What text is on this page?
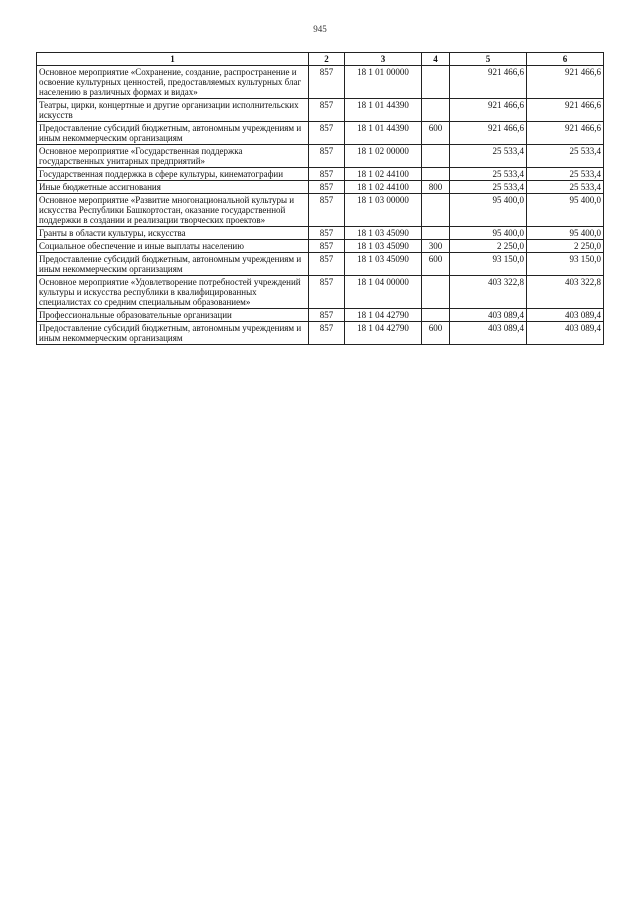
945
1	2	3	4	5	6
Основное мероприятие «Сохранение, создание, распространение и освоение культурных ценностей, предоставляемых культурных благ населению в различных формах и видах»	857	18 1 01 00000		921 466,6	921 466,6
Театры, цирки, концертные и другие организации исполнительских искусств	857	18 1 01 44390		921 466,6	921 466,6
Предоставление субсидий бюджетным, автономным учреждениям и иным некоммерческим организациям	857	18 1 01 44390	600	921 466,6	921 466,6
Основное мероприятие «Государственная поддержка государственных унитарных предприятий»	857	18 1 02 00000		25 533,4	25 533,4
Государственная поддержка в сфере культуры, кинематографии	857	18 1 02 44100		25 533,4	25 533,4
Иные бюджетные ассигнования	857	18 1 02 44100	800	25 533,4	25 533,4
Основное мероприятие «Развитие многонациональной культуры и искусства Республики Башкортостан, оказание государственной поддержки в создании и реализации творческих проектов»	857	18 1 03 00000		95 400,0	95 400,0
Гранты в области культуры, искусства	857	18 1 03 45090		95 400,0	95 400,0
Социальное обеспечение и иные выплаты населению	857	18 1 03 45090	300	2 250,0	2 250,0
Предоставление субсидий бюджетным, автономным учреждениям и иным некоммерческим организациям	857	18 1 03 45090	600	93 150,0	93 150,0
Основное мероприятие «Удовлетворение потребностей учреждений культуры и искусства республики в квалифицированных специалистах со средним специальным образованием»	857	18 1 04 00000		403 322,8	403 322,8
Профессиональные образовательные организации	857	18 1 04 42790		403 089,4	403 089,4
Предоставление субсидий бюджетным, автономным учреждениям и иным некоммерческим организациям	857	18 1 04 42790	600	403 089,4	403 089,4
